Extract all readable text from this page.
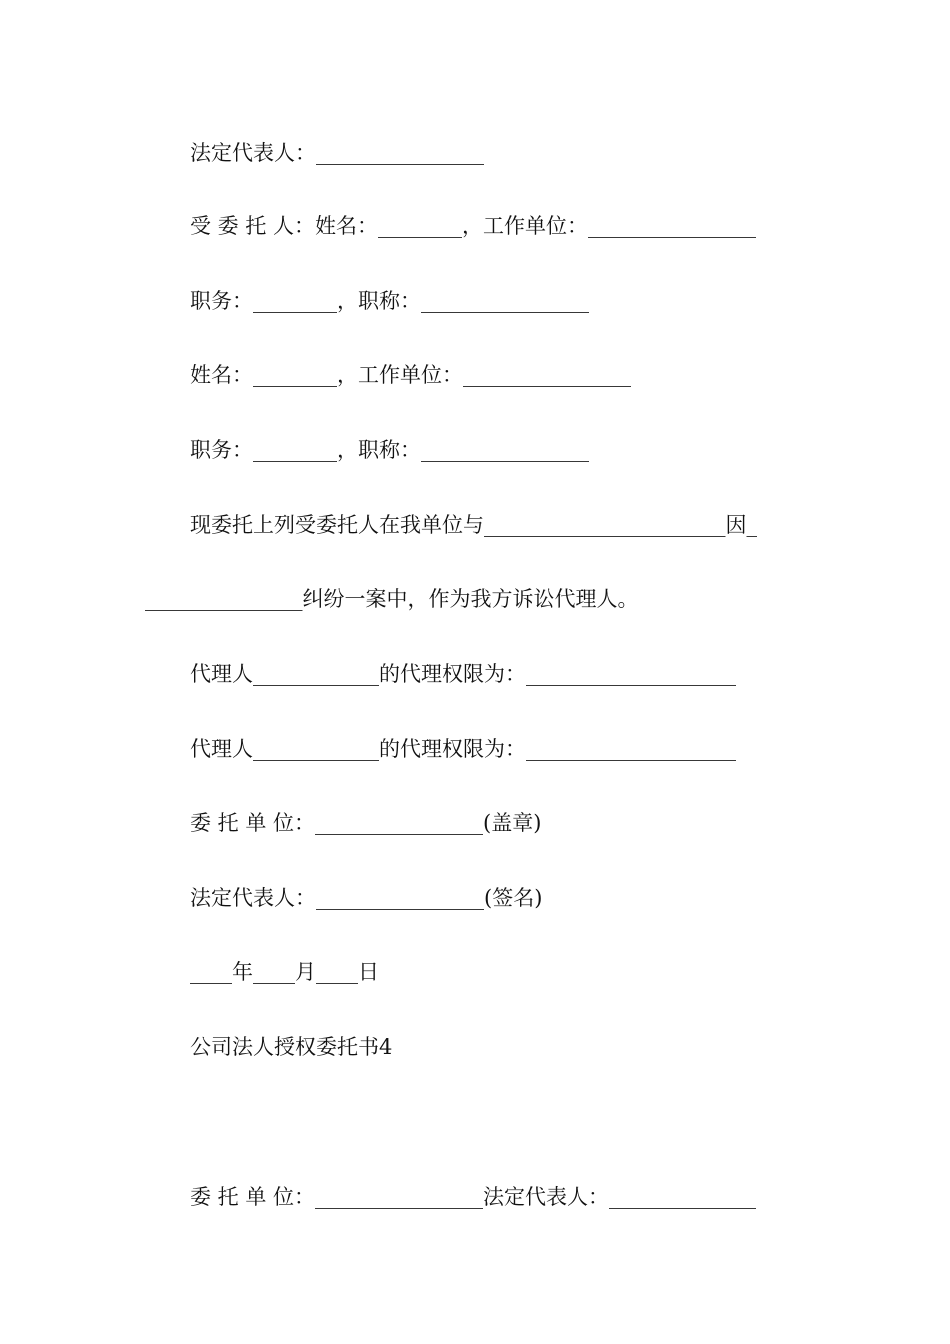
法定代表人：________________
受 委 托 人：姓名：________，工作单位：________________
职务：________，职称：________________
姓名：________，工作单位：________________
职务：________，职称：________________
现委托上列受委托人在我单位与_______________________因_
_______________纠纷一案中，作为我方诉讼代理人。
代理人____________的代理权限为：____________________
代理人____________的代理权限为：____________________
委 托 单 位：________________(盖章)
法定代表人：________________(签名)
____年____月____日
公司法人授权委托书4
委 托 单 位：________________法定代表人：______________
